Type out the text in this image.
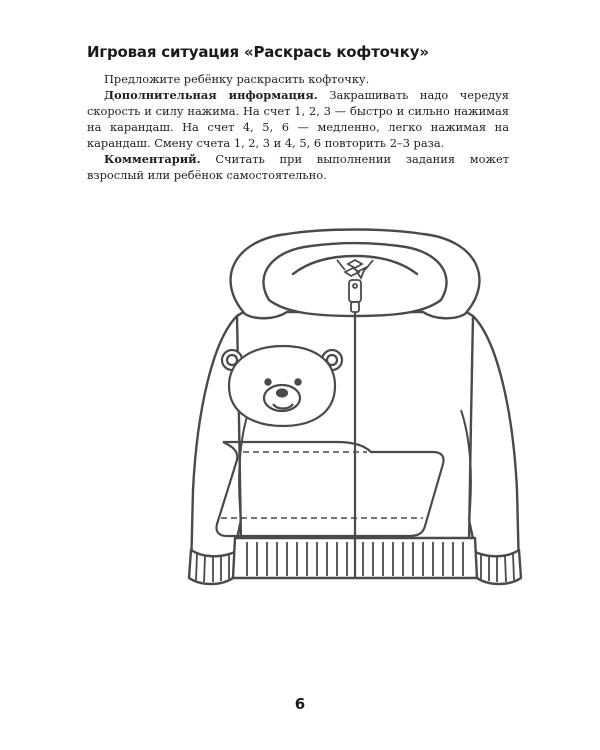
Игровая ситуация «Раскрась кофточку»

Предложите ребёнку раскрасить кофточку.

Дополнительная информация. Закрашивать надо чередуя скорость и силу нажима. На счет 1, 2, 3 — быстро и сильно нажимая на карандаш. На счет 4, 5, 6 — медленно, легко нажимая на карандаш. Смену счета 1, 2, 3 и 4, 5, 6 повторить 2–3 раза.

Комментарий. Считать при выполнении задания может взрослый или ребёнок самостоятельно.

6
